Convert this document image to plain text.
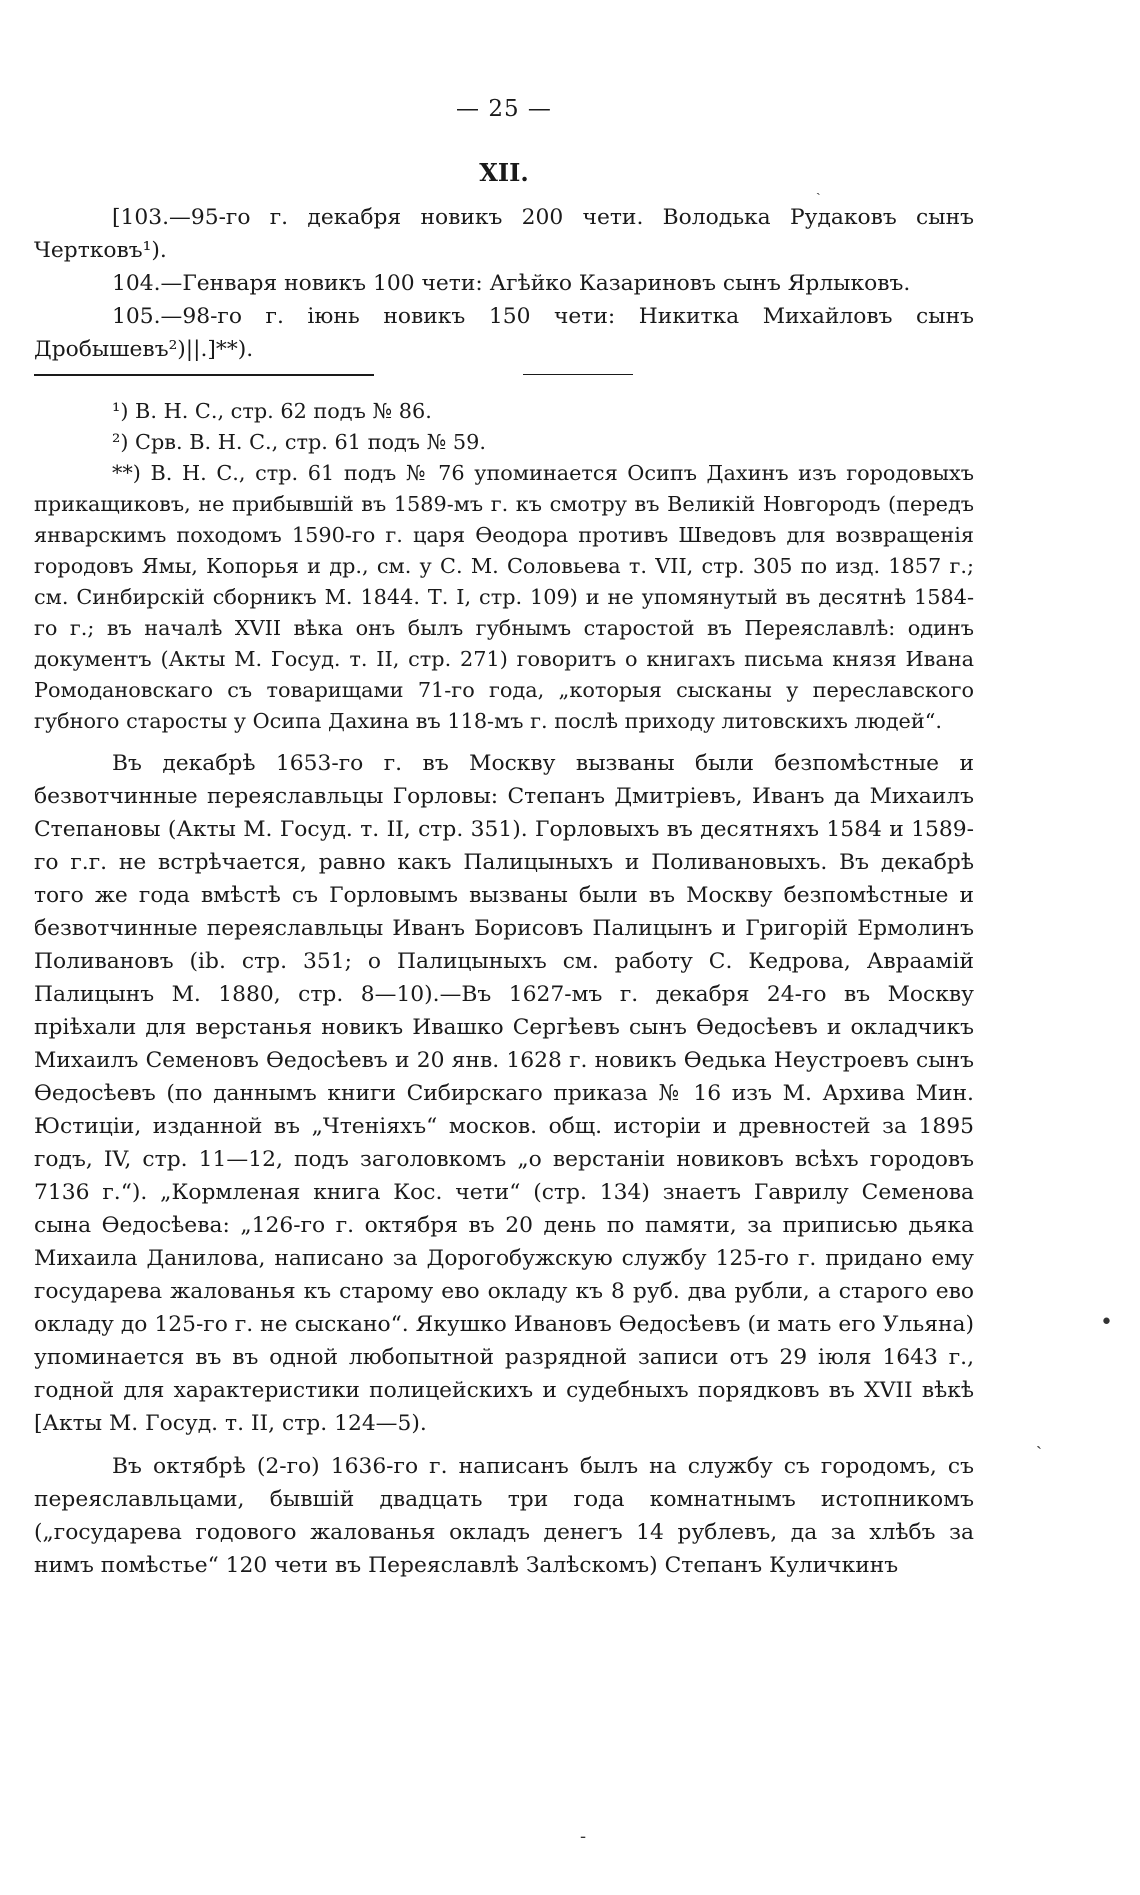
— 25 —
XII.

[103.—95-го г. декабря новикъ 200 чети. Володька Рудаковъ сынъ Чертковъ¹).

104.—Генваря новикъ 100 чети: Агѣйко Казариновъ сынъ Ярлыковъ.

105.—98-го г. іюнь новикъ 150 чети: Никитка Михайловъ сынъ Дробышевъ²)||.]**).

¹) В. Н. С., стр. 62 подъ № 86.

²) Срв. В. Н. С., стр. 61 подъ № 59.

**) В. Н. С., стр. 61 подъ № 76 упоминается Осипъ Дахинъ изъ городовыхъ прикащиковъ, не прибывшій въ 1589-мъ г. къ смотру въ Великій Новгородъ (передъ январскимъ походомъ 1590-го г. царя Ѳеодора противъ Шведовъ для возвращенія городовъ Ямы, Копорья и др., см. у С. М. Соловьева т. VII, стр. 305 по изд. 1857 г.; см. Синбирскій сборникъ М. 1844. Т. I, стр. 109) и не упомянутый въ десятнѣ 1584-го г.; въ началѣ XVII вѣка онъ былъ губнымъ старостой въ Переяславлѣ: одинъ документъ (Акты М. Госуд. т. II, стр. 271) говоритъ о книгахъ письма князя Ивана Ромодановскаго съ товарищами 71-го года, „которыя сысканы у переславского губного старосты у Осипа Дахина въ 118-мъ г. послѣ приходу литовскихъ людей“.

Въ декабрѣ 1653-го г. въ Москву вызваны были безпомѣстные и безвотчинные переяславльцы Горловы: Степанъ Дмитріевъ, Иванъ да Михаилъ Степановы (Акты М. Госуд. т. II, стр. 351). Горловыхъ въ десятняхъ 1584 и 1589-го г.г. не встрѣчается, равно какъ Палицыныхъ и Поливановыхъ. Въ декабрѣ того же года вмѣстѣ съ Горловымъ вызваны были въ Москву безпомѣстные и безвотчинные переяславльцы Иванъ Борисовъ Палицынъ и Григорій Ермолинъ Поливановъ (ib. стр. 351; о Палицыныхъ см. работу С. Кедрова, Авраамій Палицынъ М. 1880, стр. 8—10).—Въ 1627-мъ г. декабря 24-го въ Москву пріѣхали для верстанья новикъ Ивашко Сергѣевъ сынъ Ѳедосѣевъ и окладчикъ Михаилъ Семеновъ Ѳедосѣевъ и 20 янв. 1628 г. новикъ Ѳедька Неустроевъ сынъ Ѳедосѣевъ (по даннымъ книги Сибирскаго приказа № 16 изъ М. Архива Мин. Юстиціи, изданной въ „Чтеніяхъ“ москов. общ. исторіи и древностей за 1895 годъ, IV, стр. 11—12, подъ заголовкомъ „о верстаніи новиковъ всѣхъ городовъ 7136 г.“). „Кормленая книга Кос. чети“ (стр. 134) знаетъ Гаврилу Семенова сына Ѳедосѣева: „126-го г. октября въ 20 день по памяти, за приписью дьяка Михаила Данилова, написано за Дорогобужскую службу 125-го г. придано ему государева жалованья къ старому ево окладу къ 8 руб. два рубли, а старого ево окладу до 125-го г. не сыскано“. Якушко Ивановъ Ѳедосѣевъ (и мать его Ульяна) упоминается въ въ одной любопытной разрядной записи отъ 29 іюля 1643 г., годной для характеристики полицейскихъ и судебныхъ порядковъ въ XVII вѣкѣ [Акты М. Госуд. т. II, стр. 124—5).

Въ октябрѣ (2-го) 1636-го г. написанъ былъ на службу съ городомъ, съ переяславльцами, бывшій двадцать три года комнатнымъ истопникомъ („государева годового жалованья окладъ денегъ 14 рублевъ, да за хлѣбъ за нимъ помѣстье“ 120 чети въ Переяславлѣ Залѣскомъ) Степанъ Куличкинъ

ˎ
•
ˏ
-
